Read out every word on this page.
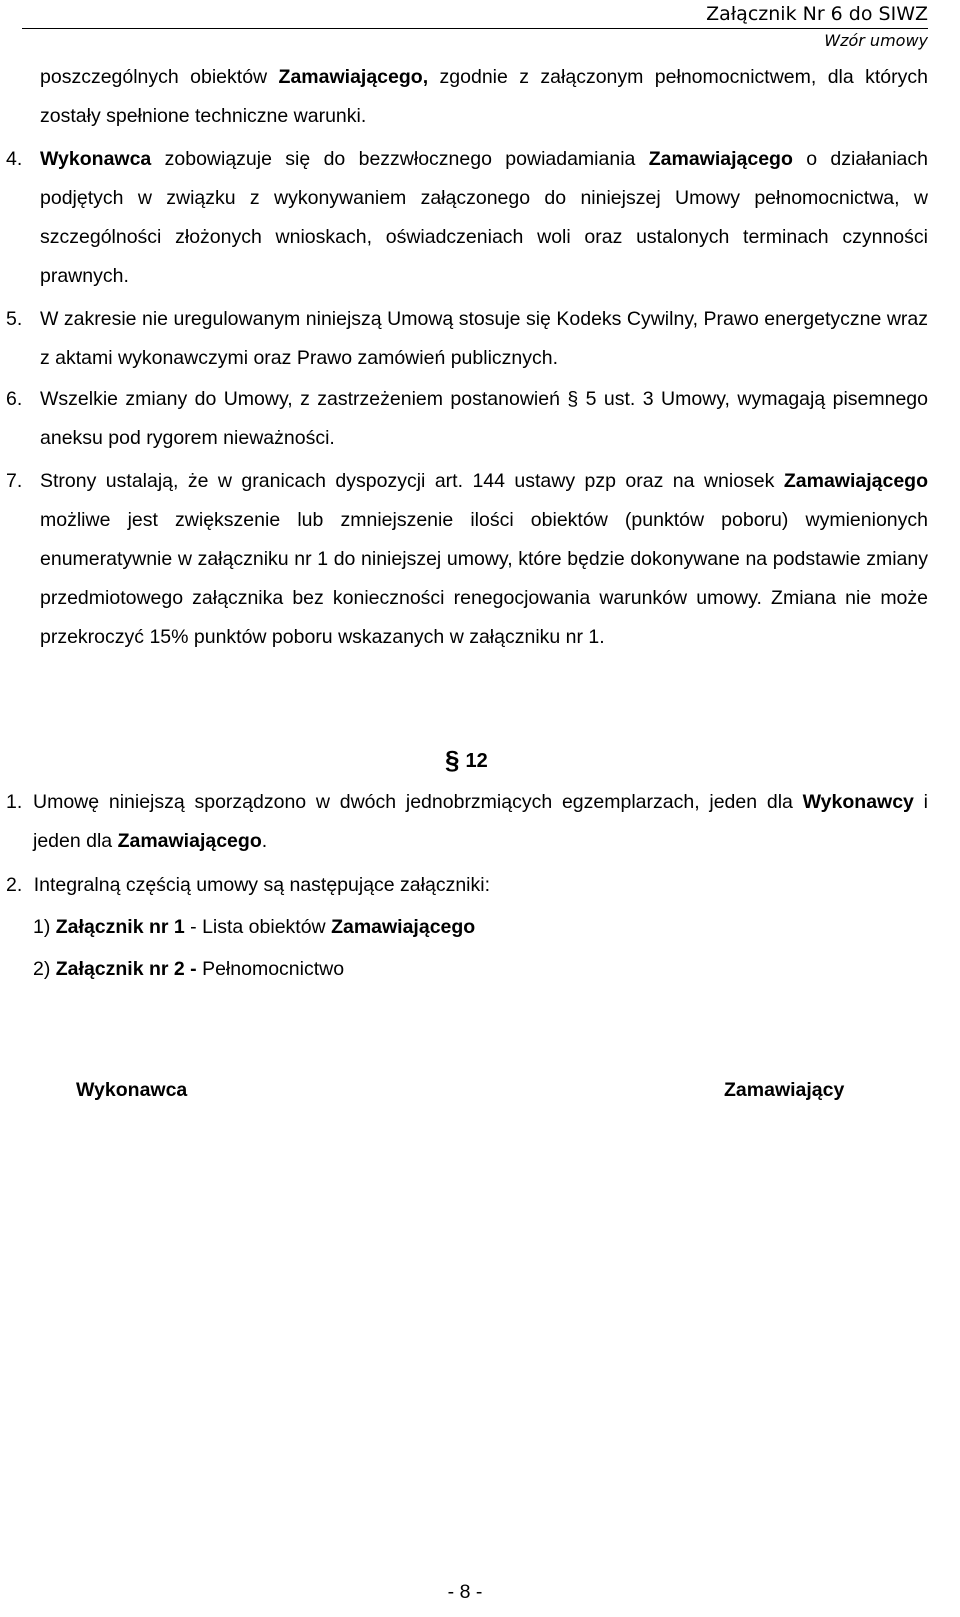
Załącznik Nr 6 do SIWZ
Wzór umowy
poszczególnych obiektów Zamawiającego, zgodnie z załączonym pełnomocnictwem, dla których zostały spełnione techniczne warunki.
4. Wykonawca zobowiązuje się do bezzwłocznego powiadamiania Zamawiającego o działaniach podjętych w związku z wykonywaniem załączonego do niniejszej Umowy pełnomocnictwa, w szczególności złożonych wnioskach, oświadczeniach woli oraz ustalonych terminach czynności prawnych.
5. W zakresie nie uregulowanym niniejszą Umową stosuje się Kodeks Cywilny, Prawo energetyczne wraz z aktami wykonawczymi oraz Prawo zamówień publicznych.
6. Wszelkie zmiany do Umowy, z zastrzeżeniem postanowień § 5 ust. 3 Umowy, wymagają pisemnego aneksu pod rygorem nieważności.
7. Strony ustalają, że w granicach dyspozycji art. 144 ustawy pzp oraz na wniosek Zamawiającego możliwe jest zwiększenie lub zmniejszenie ilości obiektów (punktów poboru) wymienionych enumeratywnie w załączniku nr 1 do niniejszej umowy, które będzie dokonywane na podstawie zmiany przedmiotowego załącznika bez konieczności renegocjowania warunków umowy. Zmiana nie może przekroczyć 15% punktów poboru wskazanych w załączniku nr 1.
§ 12
1. Umowę niniejszą sporządzono w dwóch jednobrzmiących egzemplarzach, jeden dla Wykonawcy i jeden dla Zamawiającego.
2. Integralną częścią umowy są następujące załączniki:
1) Załącznik nr 1 - Lista obiektów Zamawiającego
2) Załącznik nr 2 - Pełnomocnictwo
Wykonawca	Zamawiający
- 8 -
